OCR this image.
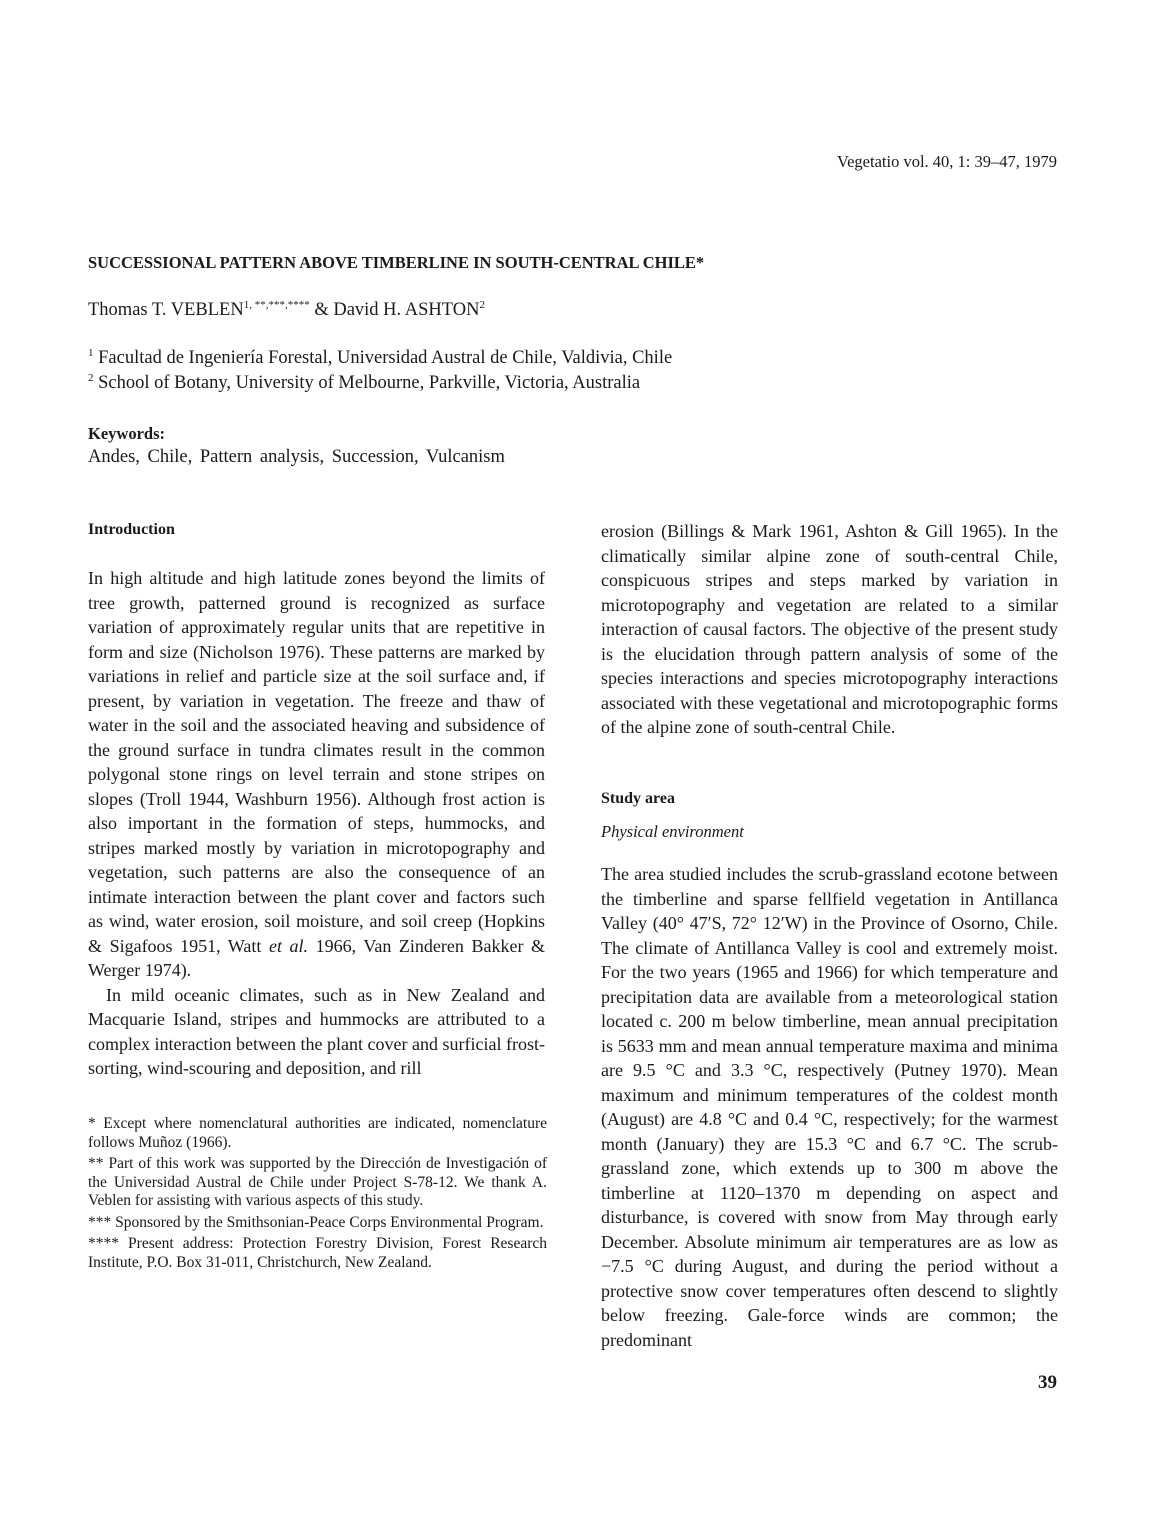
Vegetatio vol. 40, 1: 39–47, 1979
SUCCESSIONAL PATTERN ABOVE TIMBERLINE IN SOUTH-CENTRAL CHILE*
Thomas T. $VEBLEN^{1, **,***,****}$ & David H. ASHTON$^2$
$^1$ Facultad de Ingeniería Forestal, Universidad Austral de Chile, Valdivia, Chile
$^2$ School of Botany, University of Melbourne, Parkville, Victoria, Australia
Keywords:
Andes, Chile, Pattern analysis, Succession, Vulcanism
Introduction

In high altitude and high latitude zones beyond the limits of tree growth, patterned ground is recognized as surface variation of approximately regular units that are repetitive in form and size (Nicholson 1976). These patterns are marked by variations in relief and particle size at the soil surface and, if present, by variation in vegetation. The freeze and thaw of water in the soil and the associated heaving and subsidence of the ground surface in tundra climates result in the common polygonal stone rings on level terrain and stone stripes on slopes (Troll 1944, Washburn 1956). Although frost action is also important in the formation of steps, hummocks, and stripes marked mostly by variation in microtopography and vegetation, such patterns are also the consequence of an intimate interaction between the plant cover and factors such as wind, water erosion, soil moisture, and soil creep (Hopkins & Sigafoos 1951, Watt et al. 1966, Van Zinderen Bakker & Werger 1974).

In mild oceanic climates, such as in New Zealand and Macquarie Island, stripes and hummocks are attributed to a complex interaction between the plant cover and surficial frost-sorting, wind-scouring and deposition, and rill

* Except where nomenclatural authorities are indicated, nomenclature follows Muñoz (1966).

** Part of this work was supported by the Dirección de Investigación of the Universidad Austral de Chile under Project S-78-12. We thank A. Veblen for assisting with various aspects of this study.

*** Sponsored by the Smithsonian-Peace Corps Environmental Program.

**** Present address: Protection Forestry Division, Forest Research Institute, P.O. Box 31-011, Christchurch, New Zealand.

erosion (Billings & Mark 1961, Ashton & Gill 1965). In the climatically similar alpine zone of south-central Chile, conspicuous stripes and steps marked by variation in microtopography and vegetation are related to a similar interaction of causal factors. The objective of the present study is the elucidation through pattern analysis of some of the species interactions and species microtopography interactions associated with these vegetational and microtopographic forms of the alpine zone of south-central Chile.

Study area
Physical environment

The area studied includes the scrub-grassland ecotone between the timberline and sparse fellfield vegetation in Antillanca Valley (40° 47′S, 72° 12′W) in the Province of Osorno, Chile. The climate of Antillanca Valley is cool and extremely moist. For the two years (1965 and 1966) for which temperature and precipitation data are available from a meteorological station located c. 200 m below timberline, mean annual precipitation is 5633 mm and mean annual temperature maxima and minima are 9.5 °C and 3.3 °C, respectively (Putney 1970). Mean maximum and minimum temperatures of the coldest month (August) are 4.8 °C and 0.4 °C, respectively; for the warmest month (January) they are 15.3 °C and 6.7 °C. The scrub-grassland zone, which extends up to 300 m above the timberline at 1120–1370 m depending on aspect and disturbance, is covered with snow from May through early December. Absolute minimum air temperatures are as low as −7.5 °C during August, and during the period without a protective snow cover temperatures often descend to slightly below freezing. Gale-force winds are common; the predominant

39
